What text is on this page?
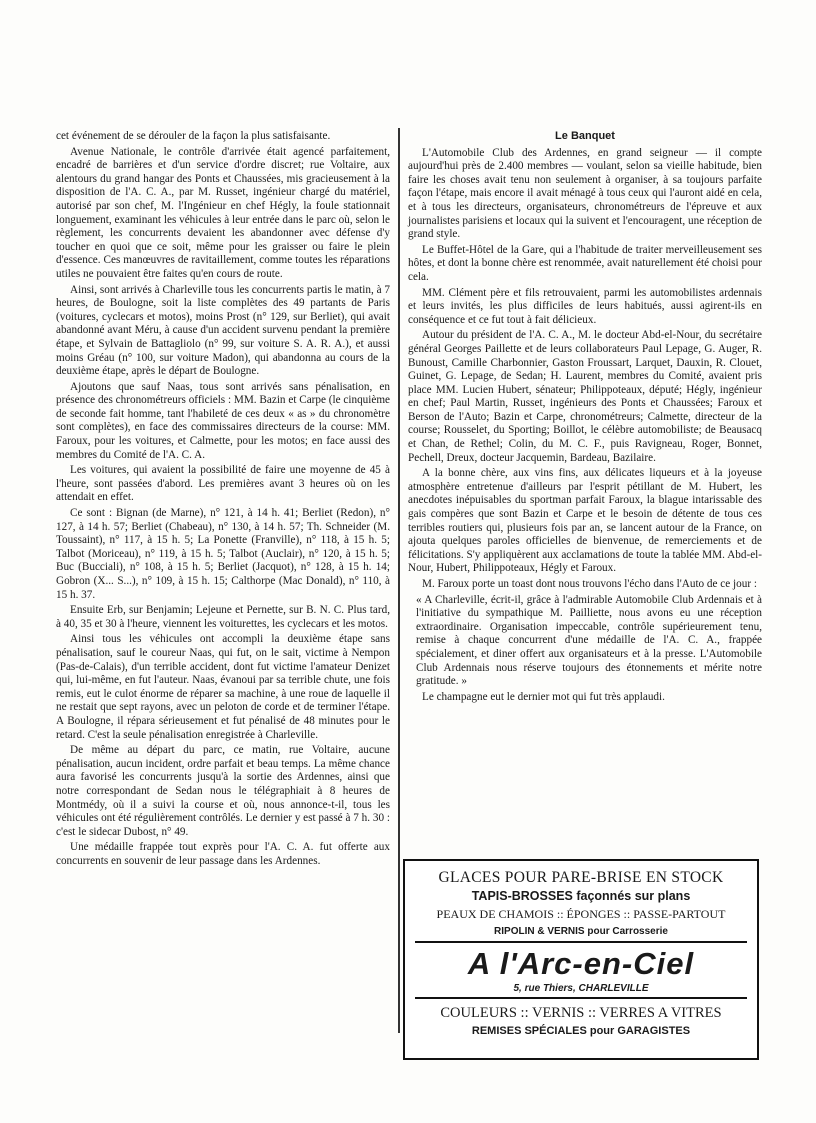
cet événement de se dérouler de la façon la plus satisfaisante.

Avenue Nationale, le contrôle d'arrivée était agencé parfaitement, encadré de barrières et d'un service d'ordre discret; rue Voltaire, aux alentours du grand hangar des Ponts et Chaussées, mis gracieusement à la disposition de l'A. C. A., par M. Russet, ingénieur chargé du matériel, autorisé par son chef, M. l'Ingénieur en chef Hégly, la foule stationnait longuement, examinant les véhicules à leur entrée dans le parc où, selon le règlement, les concurrents devaient les abandonner avec défense d'y toucher en quoi que ce soit, même pour les graisser ou faire le plein d'essence. Ces manœuvres de ravitaillement, comme toutes les réparations utiles ne pouvaient être faites qu'en cours de route.

Ainsi, sont arrivés à Charleville tous les concurrents partis le matin, à 7 heures, de Boulogne, soit la liste complètes des 49 partants de Paris (voitures, cyclecars et motos), moins Prost (n° 129, sur Berliet), qui avait abandonné avant Méru, à cause d'un accident survenu pendant la première étape, et Sylvain de Battagliolo (n° 99, sur voiture S. A. R. A.), et aussi moins Gréau (n° 100, sur voiture Madon), qui abandonna au cours de la deuxième étape, après le départ de Boulogne.

Ajoutons que sauf Naas, tous sont arrivés sans pénalisation, en présence des chronométreurs officiels : MM. Bazin et Carpe (le cinquième de seconde fait homme, tant l'habileté de ces deux « as » du chronomètre sont complètes), en face des commissaires directeurs de la course: MM. Faroux, pour les voitures, et Calmette, pour les motos; en face aussi des membres du Comité de l'A. C. A.

Les voitures, qui avaient la possibilité de faire une moyenne de 45 à l'heure, sont passées d'abord. Les premières avant 3 heures où on les attendait en effet.

Ce sont : Bignan (de Marne), n° 121, à 14 h. 41; Berliet (Redon), n° 127, à 14 h. 57; Berliet (Chabeau), n° 130, à 14 h. 57; Th. Schneider (M. Toussaint), n° 117, à 15 h. 5; La Ponette (Franville), n° 118, à 15 h. 5; Talbot (Moriceau), n° 119, à 15 h. 5; Talbot (Auclair), n° 120, à 15 h. 5; Buc (Bucciali), n° 108, à 15 h. 5; Berliet (Jacquot), n° 128, à 15 h. 14; Gobron (X... S...), n° 109, à 15 h. 15; Calthorpe (Mac Donald), n° 110, à 15 h. 37.

Ensuite Erb, sur Benjamin; Lejeune et Pernette, sur B. N. C. Plus tard, à 40, 35 et 30 à l'heure, viennent les voiturettes, les cyclecars et les motos.

Ainsi tous les véhicules ont accompli la deuxième étape sans pénalisation, sauf le coureur Naas, qui fut, on le sait, victime à Nempon (Pas-de-Calais), d'un terrible accident, dont fut victime l'amateur Denizet qui, lui-même, en fut l'auteur. Naas, évanoui par sa terrible chute, une fois remis, eut le culot énorme de réparer sa machine, à une roue de laquelle il ne restait que sept rayons, avec un peloton de corde et de terminer l'étape. A Boulogne, il répara sérieusement et fut pénalisé de 48 minutes pour le retard. C'est la seule pénalisation enregistrée à Charleville.

De même au départ du parc, ce matin, rue Voltaire, aucune pénalisation, aucun incident, ordre parfait et beau temps. La même chance aura favorisé les concurrents jusqu'à la sortie des Ardennes, ainsi que notre correspondant de Sedan nous le télégraphiait à 8 heures de Montmédy, où il a suivi la course et où, nous annonce-t-il, tous les véhicules ont été régulièrement contrôlés. Le dernier y est passé à 7 h. 30 : c'est le sidecar Dubost, n° 49.

Une médaille frappée tout exprès pour l'A. C. A. fut offerte aux concurrents en souvenir de leur passage dans les Ardennes.

Le Banquet

L'Automobile Club des Ardennes, en grand seigneur — il compte aujourd'hui près de 2.400 membres — voulant, selon sa vieille habitude, bien faire les choses avait tenu non seulement à organiser, à sa toujours parfaite façon l'étape, mais encore il avait ménagé à tous ceux qui l'auront aidé en cela, et à tous les directeurs, organisateurs, chronométreurs de l'épreuve et aux journalistes parisiens et locaux qui la suivent et l'encouragent, une réception de grand style.

Le Buffet-Hôtel de la Gare, qui a l'habitude de traiter merveilleusement ses hôtes, et dont la bonne chère est renommée, avait naturellement été choisi pour cela.

MM. Clément père et fils retrouvaient, parmi les automobilistes ardennais et leurs invités, les plus difficiles de leurs habitués, aussi agirent-ils en conséquence et ce fut tout à fait délicieux.

Autour du président de l'A. C. A., M. le docteur Abd-el-Nour, du secrétaire général Georges Paillette et de leurs collaborateurs Paul Lepage, G. Auger, R. Bunoust, Camille Charbonnier, Gaston Froussart, Larquet, Dauxin, R. Clouet, Guinet, G. Lepage, de Sedan; H. Laurent, membres du Comité, avaient pris place MM. Lucien Hubert, sénateur; Philippoteaux, député; Hégly, ingénieur en chef; Paul Martin, Russet, ingénieurs des Ponts et Chaussées; Faroux et Berson de l'Auto; Bazin et Carpe, chronométreurs; Calmette, directeur de la course; Rousselet, du Sporting; Boillot, le célèbre automobiliste; de Beausacq et Chan, de Rethel; Colin, du M. C. F., puis Ravigneau, Roger, Bonnet, Pechell, Dreux, docteur Jacquemin, Bardeau, Bazilaire.

A la bonne chère, aux vins fins, aux délicates liqueurs et à la joyeuse atmosphère entretenue d'ailleurs par l'esprit pétillant de M. Hubert, les anecdotes inépuisables du sportman parfait Faroux, la blague intarissable des gais compères que sont Bazin et Carpe et le besoin de détente de tous ces terribles routiers qui, plusieurs fois par an, se lancent autour de la France, on ajouta quelques paroles officielles de bienvenue, de remerciements et de félicitations. S'y appliquèrent aux acclamations de toute la tablée MM. Abd-el-Nour, Hubert, Philippoteaux, Hégly et Faroux.

M. Faroux porte un toast dont nous trouvons l'écho dans l'Auto de ce jour :

« A Charleville, écrit-il, grâce à l'admirable Automobile Club Ardennais et à l'initiative du sympathique M. Pailliette, nous avons eu une réception extraordinaire. Organisation impeccable, contrôle supérieurement tenu, remise à chaque concurrent d'une médaille de l'A. C. A., frappée spécialement, et diner offert aux organisateurs et à la presse. L'Automobile Club Ardennais nous réserve toujours des étonnements et mérite notre gratitude. »

Le champagne eut le dernier mot qui fut très applaudi.

GLACES POUR PARE-BRISE EN STOCK
TAPIS-BROSSES façonnés sur plans
PEAUX DE CHAMOIS :: ÉPONGES :: PASSE-PARTOUT
RIPOLIN & VERNIS pour Carrosserie
A l'Arc-en-Ciel
5, rue Thiers, CHARLEVILLE
COULEURS :: VERNIS :: VERRES A VITRES
REMISES SPÉCIALES pour GARAGISTES
